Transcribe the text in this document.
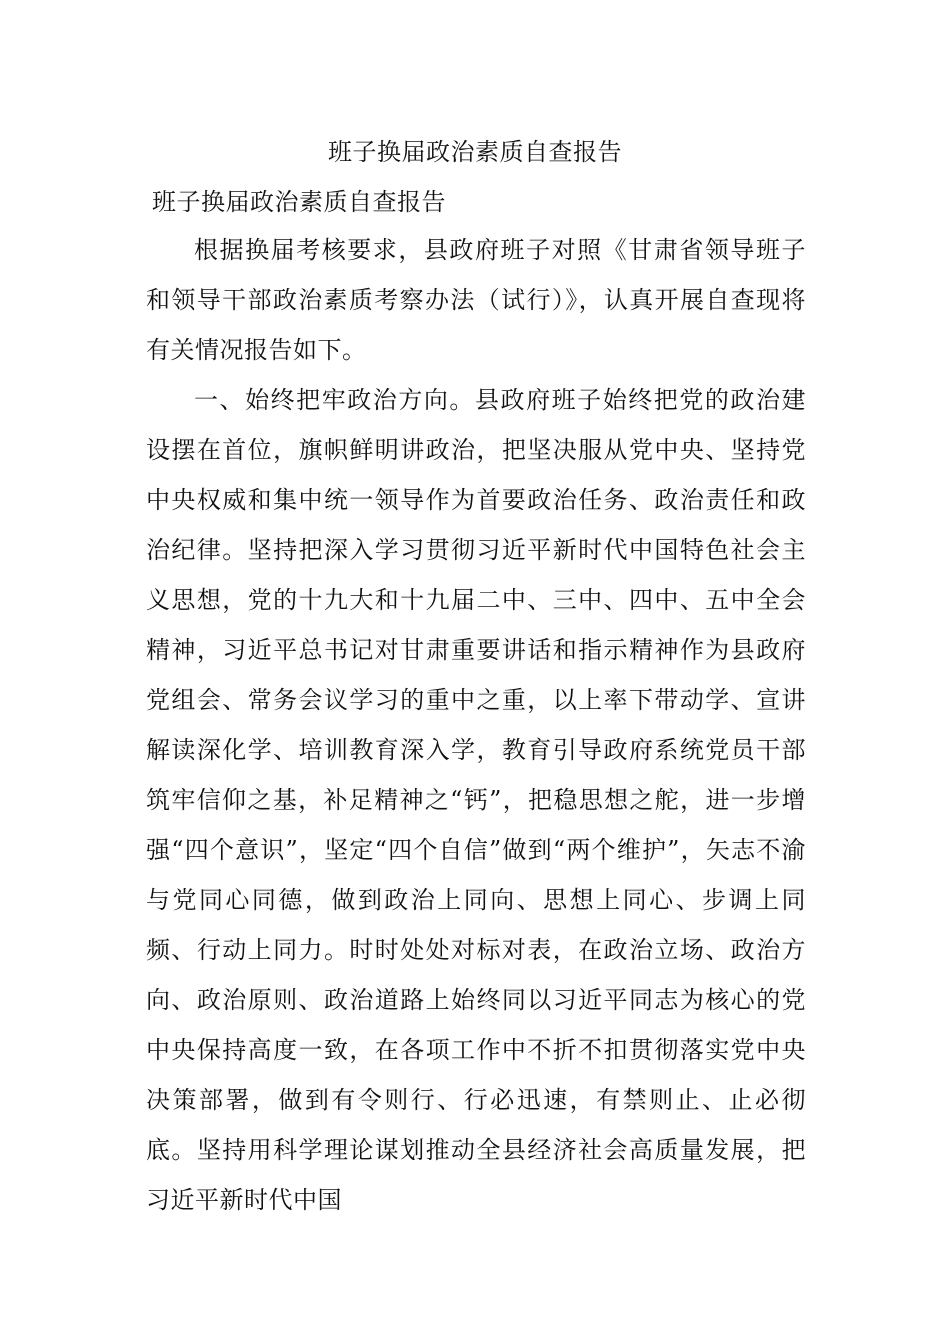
班子换届政治素质自查报告
班子换届政治素质自查报告

根据换届考核要求，县政府班子对照《甘肃省领导班子和领导干部政治素质考察办法（试行）》，认真开展自查现将有关情况报告如下。

一、始终把牢政治方向。县政府班子始终把党的政治建设摆在首位，旗帜鲜明讲政治，把坚决服从党中央、坚持党中央权威和集中统一领导作为首要政治任务、政治责任和政治纪律。坚持把深入学习贯彻习近平新时代中国特色社会主义思想，党的十九大和十九届二中、三中、四中、五中全会精神，习近平总书记对甘肃重要讲话和指示精神作为县政府党组会、常务会议学习的重中之重，以上率下带动学、宣讲解读深化学、培训教育深入学，教育引导政府系统党员干部筑牢信仰之基，补足精神之“钙”，把稳思想之舵，进一步增强“四个意识”，坚定“四个自信”做到“两个维护”，矢志不渝与党同心同德，做到政治上同向、思想上同心、步调上同频、行动上同力。时时处处对标对表，在政治立场、政治方向、政治原则、政治道路上始终同以习近平同志为核心的党中央保持高度一致，在各项工作中不折不扣贯彻落实党中央决策部署，做到有令则行、行必迅速，有禁则止、止必彻底。坚持用科学理论谋划推动全县经济社会高质量发展，把习近平新时代中国
